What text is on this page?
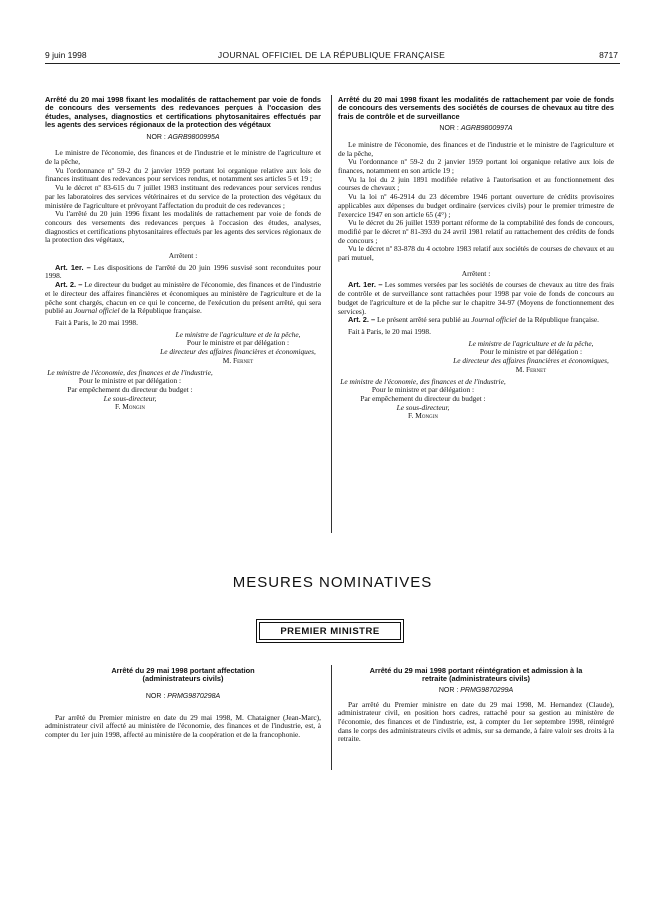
9 juin 1998	JOURNAL OFFICIEL DE LA RÉPUBLIQUE FRANÇAISE	8717

Arrêté du 20 mai 1998 fixant les modalités de rattachement par voie de fonds de concours des versements des redevances perçues à l'occasion des études, analyses, diagnostics et certifications phytosanitaires effectués par les agents des services régionaux de la protection des végétaux

NOR : AGRB9800995A

Le ministre de l'économie, des finances et de l'industrie et le ministre de l'agriculture et de la pêche,

Vu l'ordonnance nº 59-2 du 2 janvier 1959 portant loi organique relative aux lois de finances instituant des redevances pour services rendus, et notamment ses articles 5 et 19 ;

Vu le décret nº 83-615 du 7 juillet 1983 instituant des redevances pour services rendus par les laboratoires des services vétérinaires et du service de la protection des végétaux du ministère de l'agriculture et prévoyant l'affectation du produit de ces redevances ;

Vu l'arrêté du 20 juin 1996 fixant les modalités de rattachement par voie de fonds de concours des versements des redevances perçues à l'occasion des études, analyses, diagnostics et certifications phytosanitaires effectués par les agents des services régionaux de la protection des végétaux,

Arrêtent :

Art. 1er. – Les dispositions de l'arrêté du 20 juin 1996 susvisé sont reconduites pour 1998.

Art. 2. – Le directeur du budget au ministère de l'économie, des finances et de l'industrie et le directeur des affaires financières et économiques au ministère de l'agriculture et de la pêche sont chargés, chacun en ce qui le concerne, de l'exécution du présent arrêté, qui sera publié au Journal officiel de la République française.

Fait à Paris, le 20 mai 1998.

Le ministre de l'agriculture et de la pêche,

Pour le ministre et par délégation :

Le directeur des affaires financières et économiques,

M. Fernet

Le ministre de l'économie, des finances et de l'industrie,

Pour le ministre et par délégation :

Par empêchement du directeur du budget :

Le sous-directeur,

F. Mongin

Arrêté du 20 mai 1998 fixant les modalités de rattachement par voie de fonds de concours des versements des sociétés de courses de chevaux au titre des frais de contrôle et de surveillance

NOR : AGRB9800997A

Le ministre de l'économie, des finances et de l'industrie et le ministre de l'agriculture et de la pêche,

Vu l'ordonnance nº 59-2 du 2 janvier 1959 portant loi organique relative aux lois de finances, notamment en son article 19 ;

Vu la loi du 2 juin 1891 modifiée relative à l'autorisation et au fonctionnement des courses de chevaux ;

Vu la loi nº 46-2914 du 23 décembre 1946 portant ouverture de crédits provisoires applicables aux dépenses du budget ordinaire (services civils) pour le premier trimestre de l'exercice 1947 en son article 65 (4°) ;

Vu le décret du 26 juillet 1939 portant réforme de la comptabilité des fonds de concours, modifié par le décret nº 81-393 du 24 avril 1981 relatif au rattachement des crédits de fonds de concours ;

Vu le décret nº 83-878 du 4 octobre 1983 relatif aux sociétés de courses de chevaux et au pari mutuel,

Arrêtent :

Art. 1er. – Les sommes versées par les sociétés de courses de chevaux au titre des frais de contrôle et de surveillance sont rattachées pour 1998 par voie de fonds de concours au budget de l'agriculture et de la pêche sur le chapitre 34-97 (Moyens de fonctionnement des services).

Art. 2. – Le présent arrêté sera publié au Journal officiel de la République française.

Fait à Paris, le 20 mai 1998.

Le ministre de l'agriculture et de la pêche,

Pour le ministre et par délégation :

Le directeur des affaires financières et économiques,

M. Fernet

Le ministre de l'économie, des finances et de l'industrie,

Pour le ministre et par délégation :

Par empêchement du directeur du budget :

Le sous-directeur,

F. Mongin

MESURES NOMINATIVES
PREMIER MINISTRE

Arrêté du 29 mai 1998 portant affectation (administrateurs civils)

NOR : PRMG9870298A

Par arrêté du Premier ministre en date du 29 mai 1998, M. Chataigner (Jean-Marc), administrateur civil affecté au ministère de l'économie, des finances et de l'industrie, est, à compter du 1er juin 1998, affecté au ministère de la coopération et de la francophonie.

Arrêté du 29 mai 1998 portant réintégration et admission à la retraite (administrateurs civils)

NOR : PRMG9870299A

Par arrêté du Premier ministre en date du 29 mai 1998, M. Hernandez (Claude), administrateur civil, en position hors cadres, rattaché pour sa gestion au ministère de l'économie, des finances et de l'industrie, est, à compter du 1er septembre 1998, réintégré dans le corps des administrateurs civils et admis, sur sa demande, à faire valoir ses droits à la retraite.
